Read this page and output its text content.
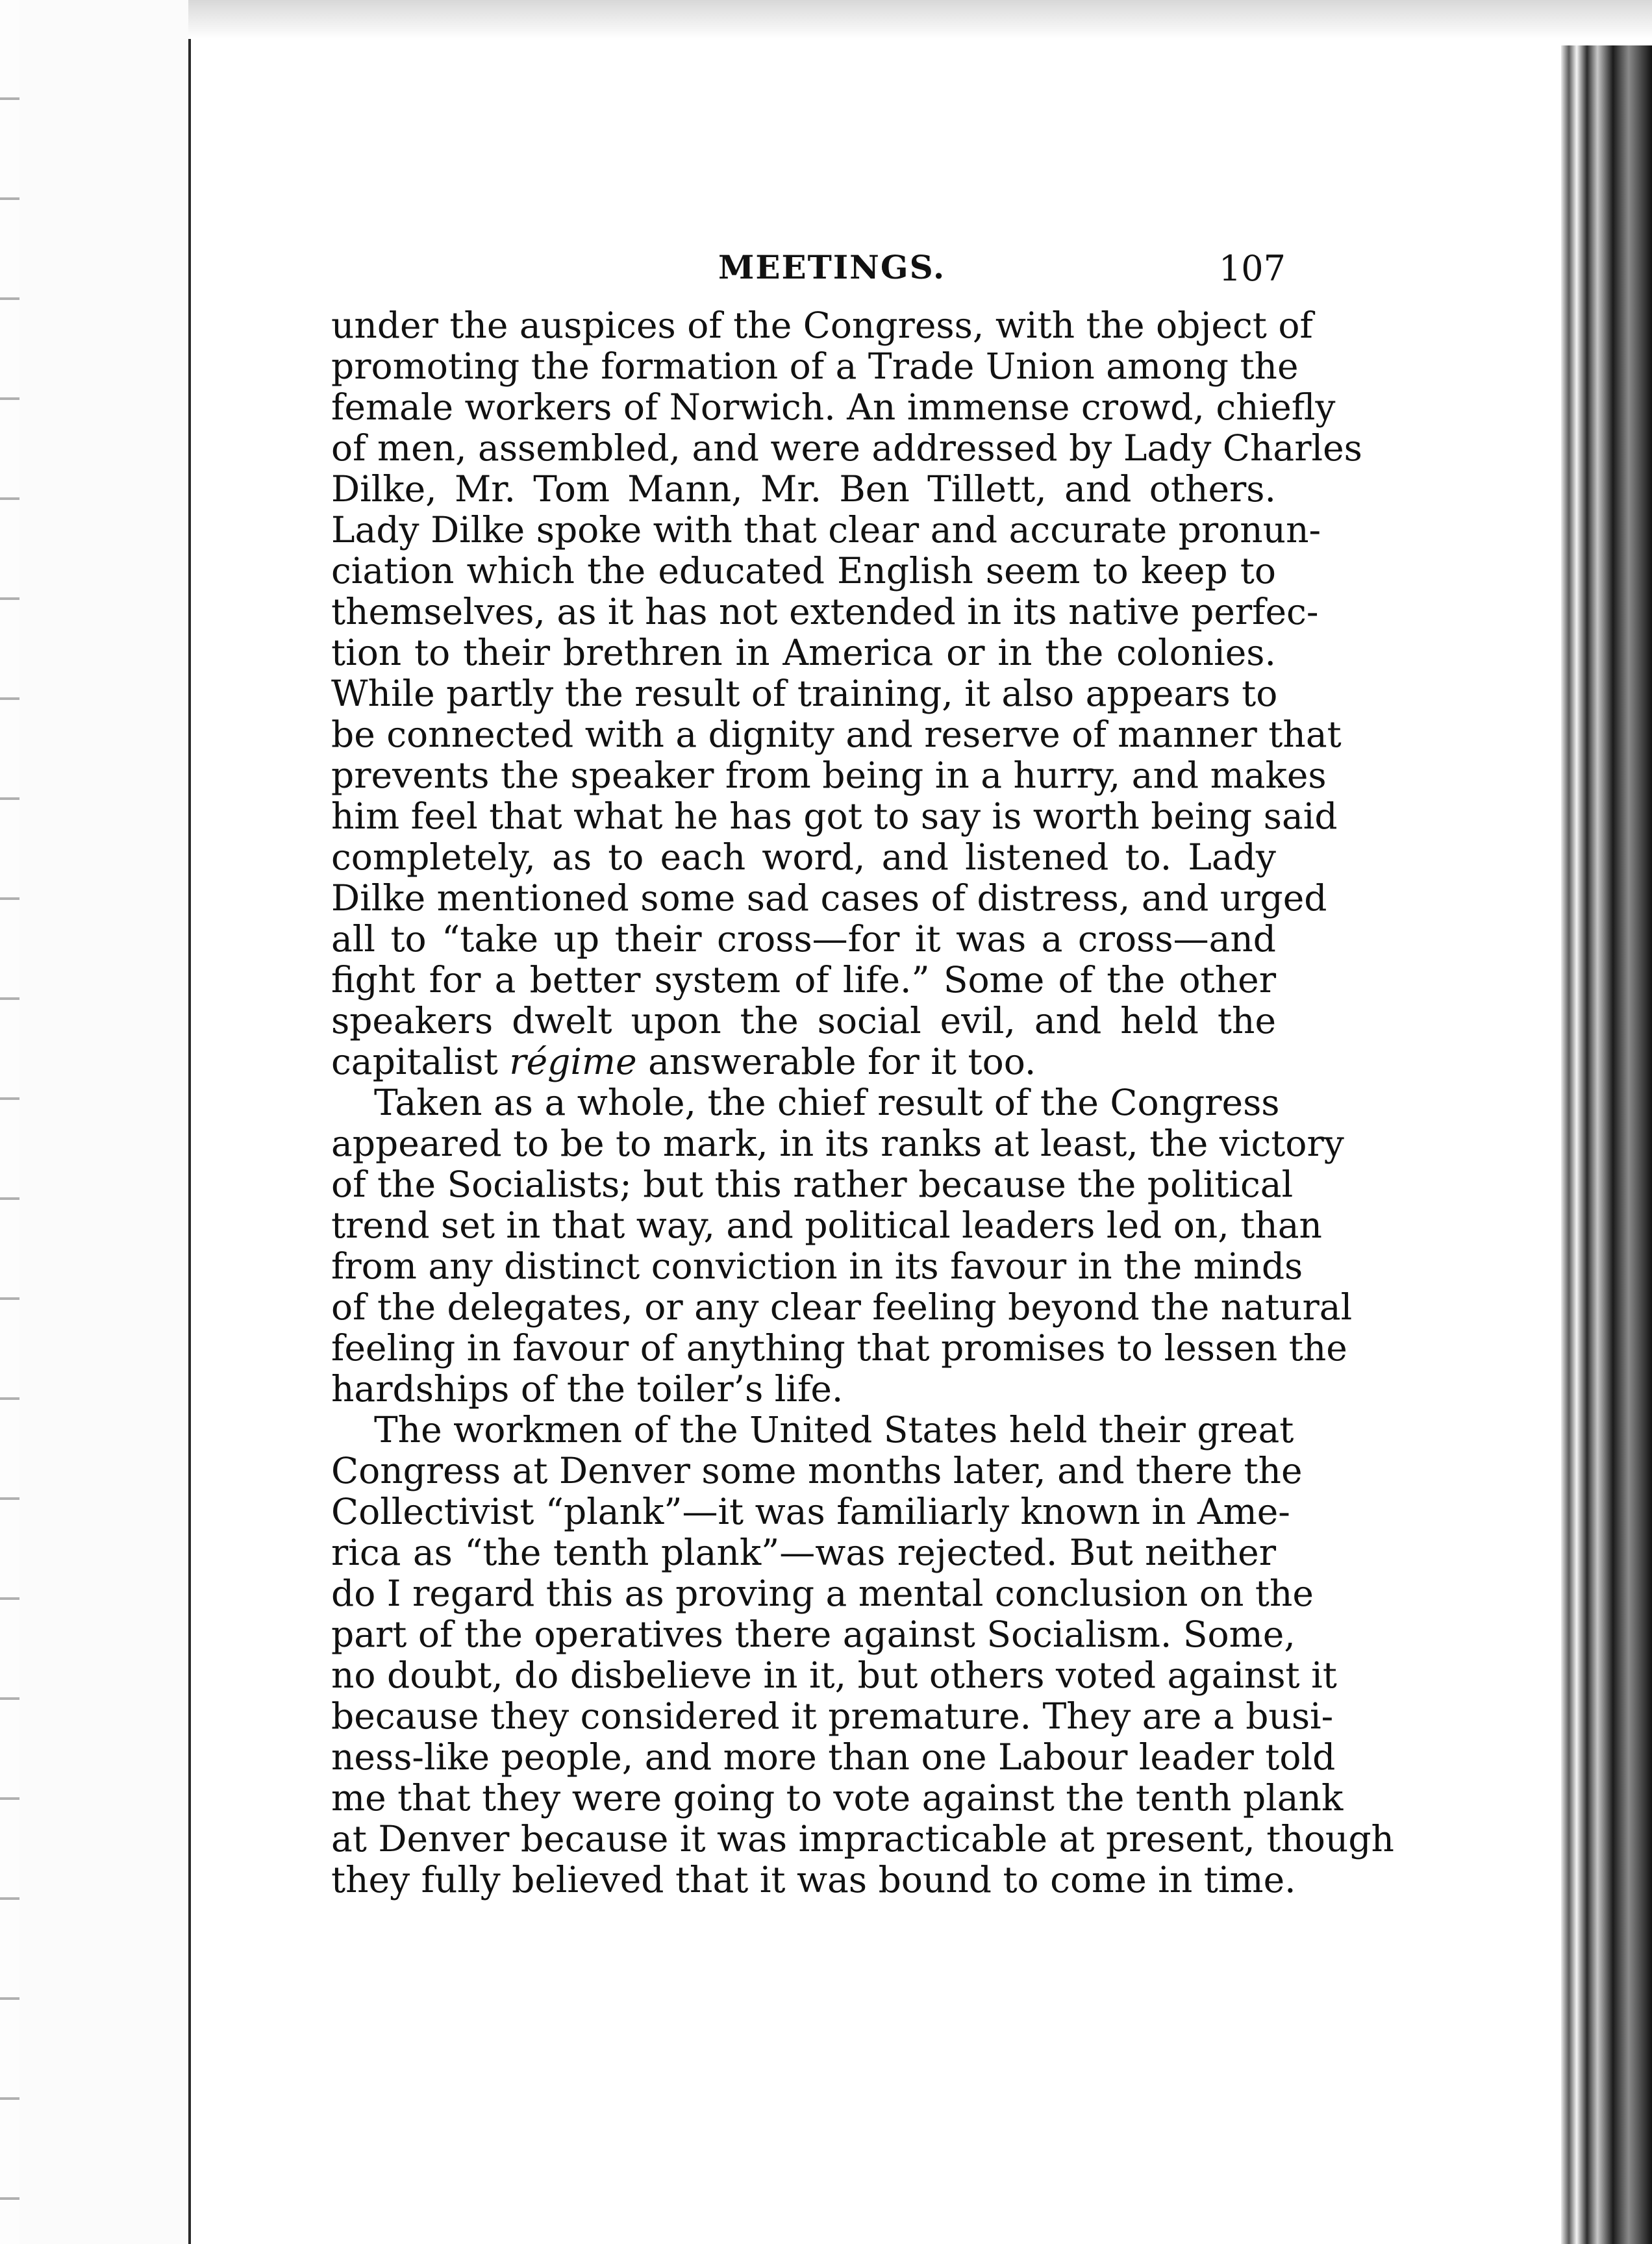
MEETINGS.	107
under the auspices of the Congress, with the object of
promoting the formation of a Trade Union among the
female workers of Norwich. An immense crowd, chiefly
of men, assembled, and were addressed by Lady Charles
Dilke, Mr. Tom Mann, Mr. Ben Tillett, and others.
Lady Dilke spoke with that clear and accurate pronun-
ciation which the educated English seem to keep to
themselves, as it has not extended in its native perfec-
tion to their brethren in America or in the colonies.
While partly the result of training, it also appears to
be connected with a dignity and reserve of manner that
prevents the speaker from being in a hurry, and makes
him feel that what he has got to say is worth being said
completely, as to each word, and listened to. Lady
Dilke mentioned some sad cases of distress, and urged
all to “take up their cross—for it was a cross—and
fight for a better system of life.” Some of the other
speakers dwelt upon the social evil, and held the
capitalist régime answerable for it too.
Taken as a whole, the chief result of the Congress
appeared to be to mark, in its ranks at least, the victory
of the Socialists; but this rather because the political
trend set in that way, and political leaders led on, than
from any distinct conviction in its favour in the minds
of the delegates, or any clear feeling beyond the natural
feeling in favour of anything that promises to lessen the
hardships of the toiler’s life.
The workmen of the United States held their great
Congress at Denver some months later, and there the
Collectivist “plank”—it was familiarly known in Ame-
rica as “the tenth plank”—was rejected. But neither
do I regard this as proving a mental conclusion on the
part of the operatives there against Socialism. Some,
no doubt, do disbelieve in it, but others voted against it
because they considered it premature. They are a busi-
ness-like people, and more than one Labour leader told
me that they were going to vote against the tenth plank
at Denver because it was impracticable at present, though
they fully believed that it was bound to come in time.
